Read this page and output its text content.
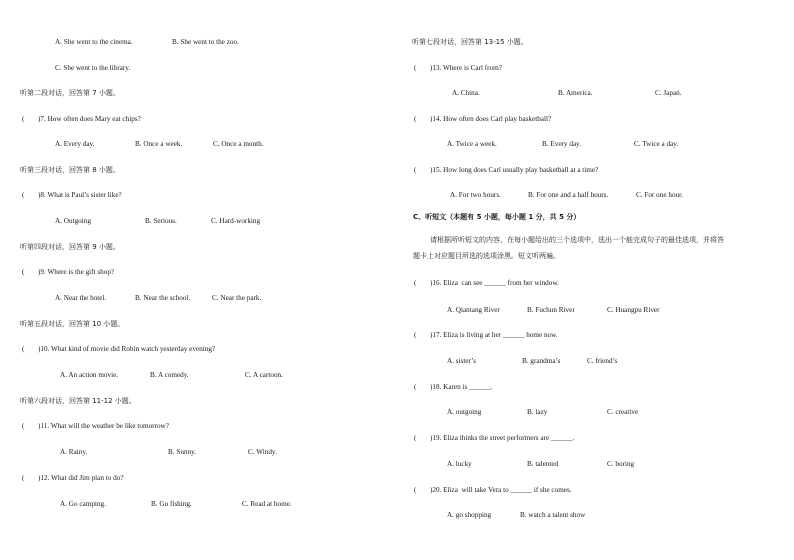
A. She went to the cinema.	B. She went to the zoo.
C. She went to the library.
听第二段对话，回答第 7 小题。
( )7. How often does Mary eat chips?
A. Every day.	B. Once a week.	C. Once a month.
听第三段对话，回答第 8 小题。
( )8. What is Paul’s sister like?
A. Outgoing	B. Serious.	C. Hard-working
听第四段对话，回答第 9 小题。
( )9. Where is the gift shop?
A. Near the hotel.	B. Near the school.	C. Near the park.
听第五段对话，回答第 10 小题。
( )10. What kind of movie did Robin watch yesterday evening?
A. An action movie.	B. A comedy.	C. A cartoon.
听第六段对话，回答第 11-12 小题。
( )11. What will the weather be like tomorrow?
A. Rainy.	B. Sunny.	C. Windy.
( )12. What did Jim plan to do?
A. Go camping.	B. Go fishing.	C. Read at home.
听第七段对话，回答第 13-15 小题。
( )13. Where is Carl from?
A. China.	B. America.	C. Japan.
( )14. How often does Carl play basketball?
A. Twice a week.	B. Every day.	C. Twice a day.
( )15. How long does Carl usually play basketball at a time?
A. For two hours.	B. For one and a half hours.	C. For one hour.
C、听短文（本题有 5 小题，每小题 1 分，共 5 分）
请根据所听短文的内容，在每小题给出的三个选项中，选出一个能完成句子的最佳选项，并将答
题卡上对应题目所选的选项涂黑。短文听两遍。
( )16. Eliza  can see ______ from her window.
A. Qiantang River	B. Fuchun River	C. Huangpu River
( )17. Eliza is living at her ______ home now.
A. sister’s	B. grandma’s	C. friend’s
( )18. Karen is ______.
A. outgoing	B. lazy	C. creative
( )19. Eliza thinks the street performers are ______.
A. lucky	B. talented	C. boring
( )20. Eliza  will take Vera to ______ if she comes.
A. go shopping	B. watch a talent show
